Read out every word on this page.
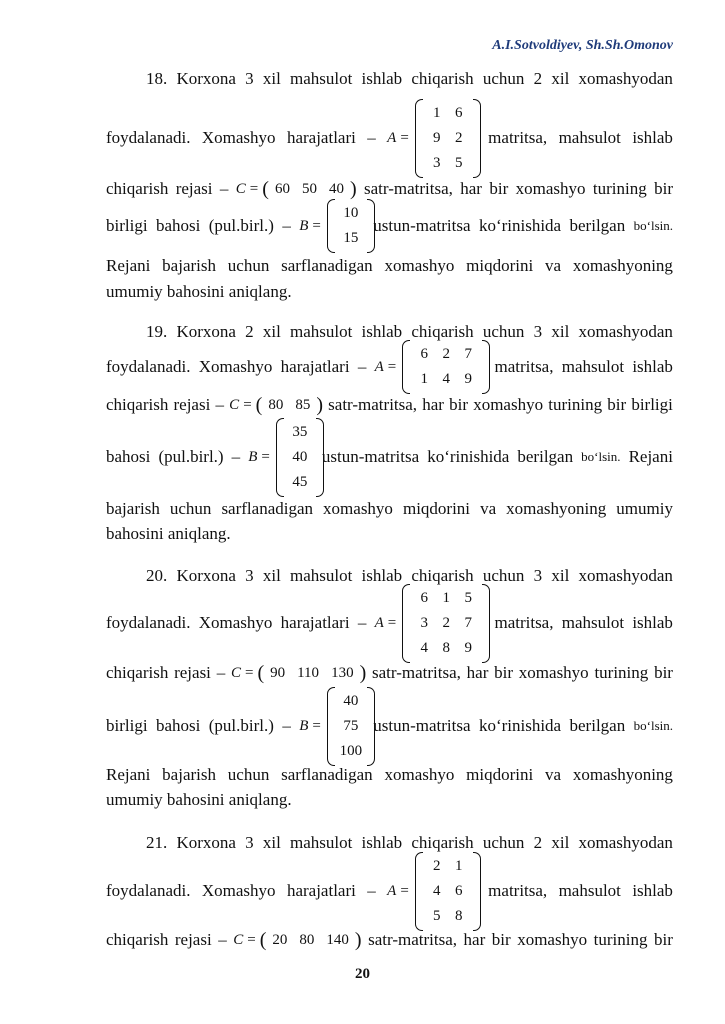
A.I.Sotvoldiyev, Sh.Sh.Omonov
18. Korxona 3 xil mahsulot ishlab chiqarish uchun 2 xil xomashyodan
foydalanadi. Xomashyo harajatlari – A =	matritsa, mahsulot ishlab
1 6
9 2
3 5
chiqarish rejasi – C = ( 60 50 40 ) satr-matritsa, har bir xomashyo turining bir
birligi bahosi (pul.birl.) – B =	ustun-matritsa ko‘rinishida berilgan bo‘lsin.
10
15
Rejani bajarish uchun sarflanadigan xomashyo miqdorini va xomashyoning
umumiy bahosini aniqlang.
19. Korxona 2 xil mahsulot ishlab chiqarish uchun 3 xil xomashyodan
foydalanadi. Xomashyo harajatlari – A =	matritsa, mahsulot ishlab
6 2 7
1 4 9
chiqarish rejasi – C = ( 80 85 ) satr-matritsa, har bir xomashyo turining bir birligi
bahosi (pul.birl.) – B =	ustun-matritsa ko‘rinishida berilgan bo‘lsin. Rejani
35
40
45
bajarish uchun sarflanadigan xomashyo miqdorini va xomashyoning umumiy
bahosini aniqlang.
20. Korxona 3 xil mahsulot ishlab chiqarish uchun 3 xil xomashyodan
foydalanadi. Xomashyo harajatlari – A =	matritsa, mahsulot ishlab
6 1 5
3 2 7
4 8 9
chiqarish rejasi – C = ( 90 110 130 ) satr-matritsa, har bir xomashyo turining bir
birligi bahosi (pul.birl.) – B =	ustun-matritsa ko‘rinishida berilgan bo‘lsin.
40
75
100
Rejani bajarish uchun sarflanadigan xomashyo miqdorini va xomashyoning
umumiy bahosini aniqlang.
21. Korxona 3 xil mahsulot ishlab chiqarish uchun 2 xil xomashyodan
foydalanadi. Xomashyo harajatlari – A =	matritsa, mahsulot ishlab
2 1
4 6
5 8
chiqarish rejasi – C = ( 20 80 140 ) satr-matritsa, har bir xomashyo turining bir
20
